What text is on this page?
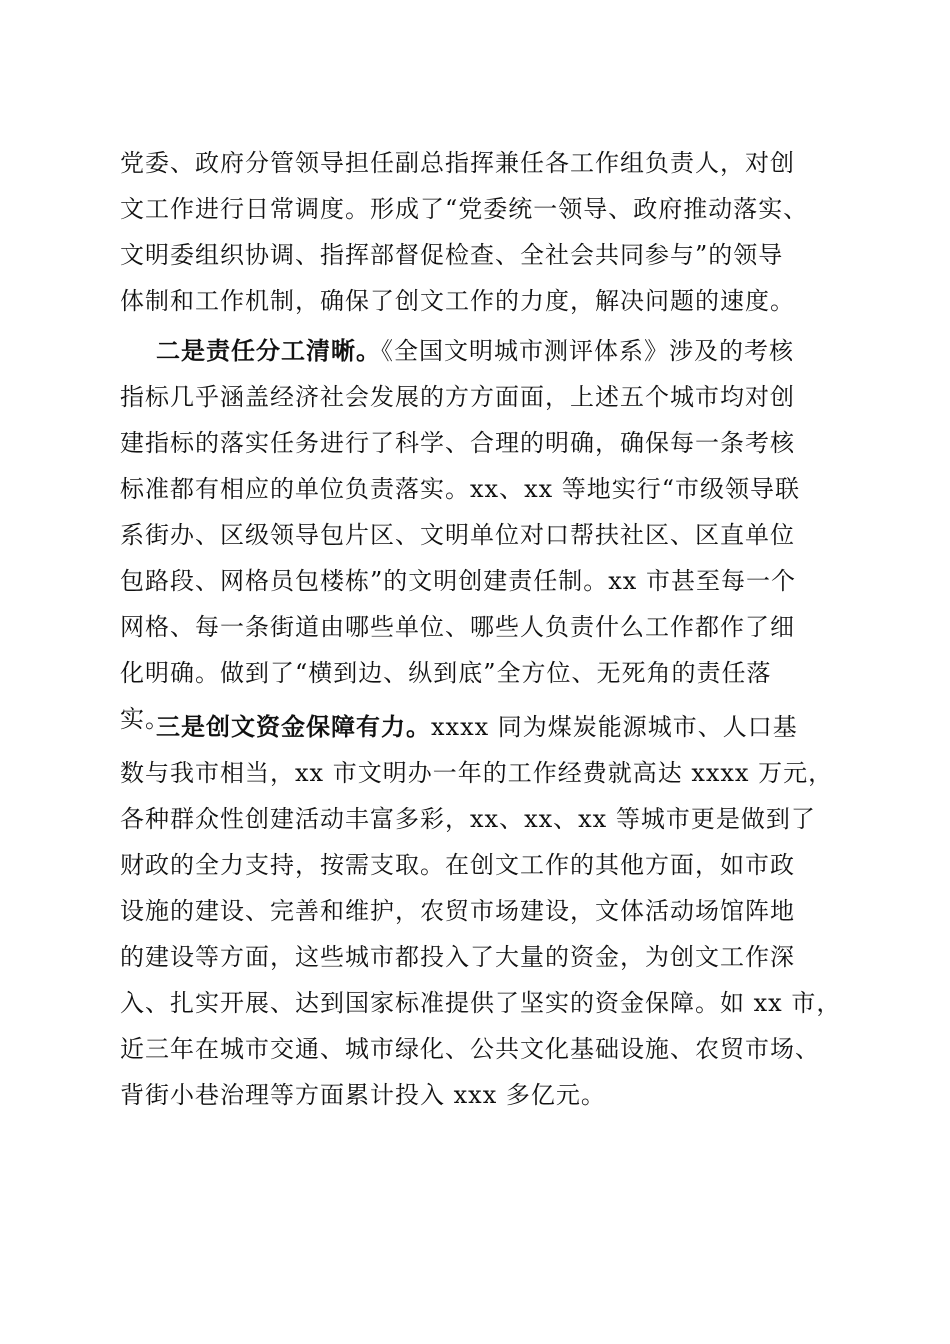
党委、政府分管领导担任副总指挥兼任各工作组负责人，对创
文工作进行日常调度。形成了“党委统一领导、政府推动落实、
文明委组织协调、指挥部督促检查、全社会共同参与”的领导
体制和工作机制，确保了创文工作的力度，解决问题的速度。
二是责任分工清晰。《全国文明城市测评体系》涉及的考核
指标几乎涵盖经济社会发展的方方面面，上述五个城市均对创
建指标的落实任务进行了科学、合理的明确，确保每一条考核
标准都有相应的单位负责落实。xx、xx 等地实行“市级领导联
系街办、区级领导包片区、文明单位对口帮扶社区、区直单位
包路段、网格员包楼栋”的文明创建责任制。xx 市甚至每一个
网格、每一条街道由哪些单位、哪些人负责什么工作都作了细
化明确。做到了“横到边、纵到底”全方位、无死角的责任落
实。
三是创文资金保障有力。xxxx 同为煤炭能源城市、人口基
数与我市相当，xx 市文明办一年的工作经费就高达 xxxx 万元，
各种群众性创建活动丰富多彩，xx、xx、xx 等城市更是做到了
财政的全力支持，按需支取。在创文工作的其他方面，如市政
设施的建设、完善和维护，农贸市场建设，文体活动场馆阵地
的建设等方面，这些城市都投入了大量的资金，为创文工作深
入、扎实开展、达到国家标准提供了坚实的资金保障。如 xx 市，
近三年在城市交通、城市绿化、公共文化基础设施、农贸市场、
背街小巷治理等方面累计投入 xxx 多亿元。
